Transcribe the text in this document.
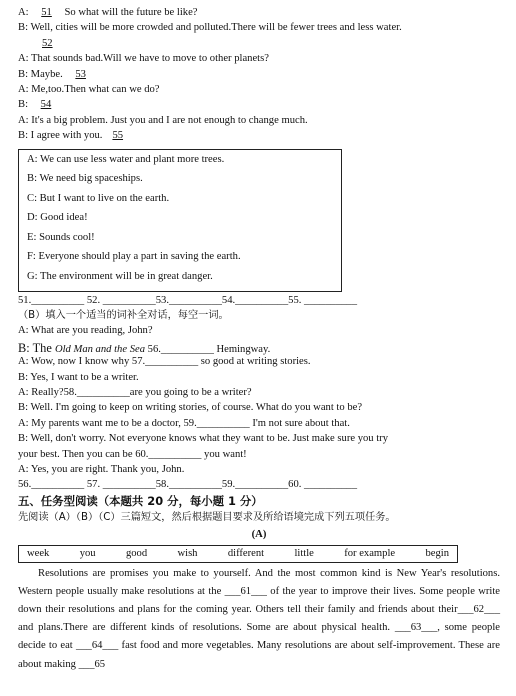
A: 51 So what will the future be like?
B: Well, cities will be more crowded and polluted.There will be fewer trees and less water.
52
A: That sounds bad.Will we have to move to other planets?
B: Maybe. 53
A: Me,too.Then what can we do?
B: 54
A: It's a big problem. Just you and I are not enough to change much.
B: I agree with you. 55
A: We can use less water and plant more trees.
B: We need big spaceships.
C: But I want to live on the earth.
D: Good idea!
E: Sounds cool!
F: Everyone should play a part in saving the earth.
G: The environment will be in great danger.
51.__________ 52. __________53.__________54.__________55. __________
（B）填入一个适当的词补全对话，每空一词。
A: What are you reading, John?
B: The Old Man and the Sea 56.__________ Hemingway.
A: Wow, now I know why 57.__________ so good at writing stories.
B: Yes, I want to be a writer.
A: Really?58.__________are you going to be a writer?
B: Well. I'm going to keep on writing stories, of course. What do you want to be?
A: My parents want me to be a doctor, 59.__________ I'm not sure about that.
B: Well, don't worry. Not everyone knows what they want to be. Just make sure you try
your best. Then you can be 60.__________ you want!
A: Yes, you are right. Thank you, John.
56.__________ 57. __________58.__________59.__________60. __________
五、任务型阅读（本题共 20 分，每小题 1 分）
先阅读（A）（B）（C）三篇短文，然后根据题目要求及所给语境完成下列五项任务。
(A)
week	you	good	wish	different	little	for example	begin
Resolutions are promises you make to yourself. And the most common kind is New Year's resolutions. Western people usually make resolutions at the ___61___ of the year to improve their lives. Some people write down their resolutions and plans for the coming year. Others tell their family and friends about their___62___ and plans.There are different kinds of resolutions. Some are about physical health. ___63___, some people decide to eat ___64___ fast food and more vegetables. Many resolutions are about self-improvement. These are about making ___65
